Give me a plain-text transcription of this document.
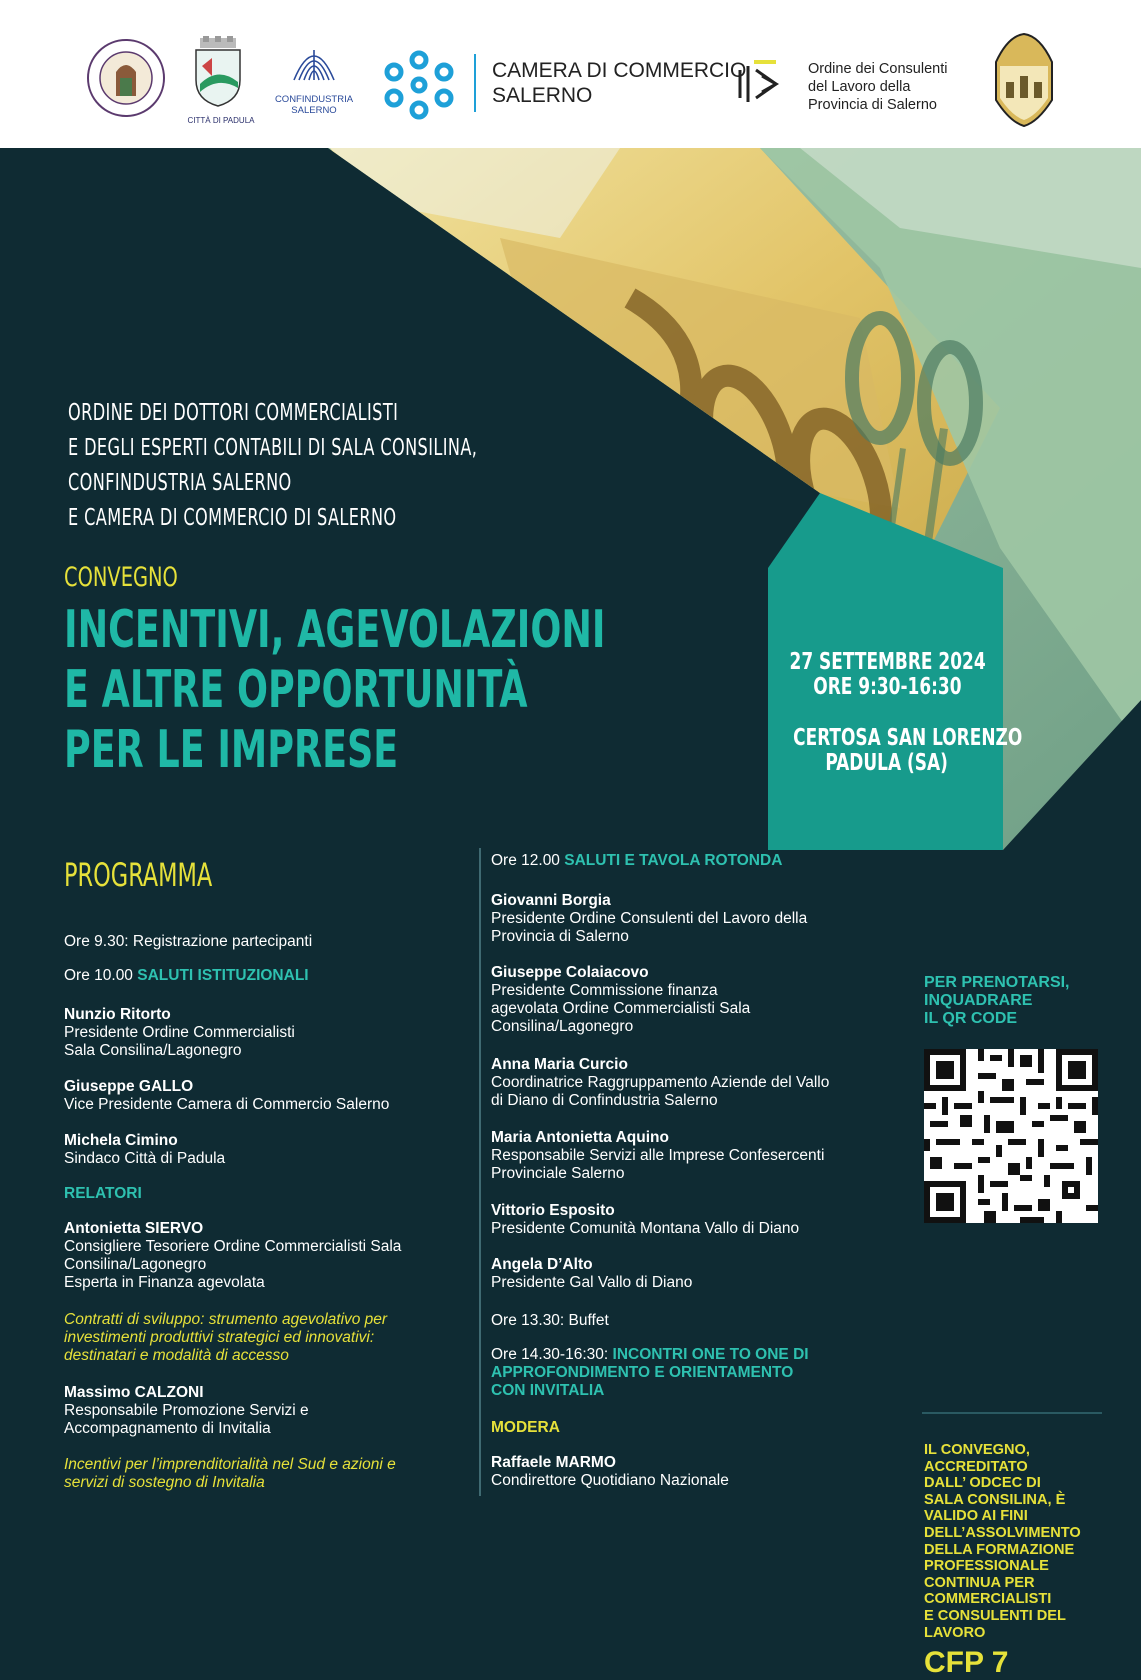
CITTÀ DI PADULA
CONFINDUSTRIA
SALERNO
CAMERA DI COMMERCIO
SALERNO
Ordine dei Consulenti
del Lavoro della
Provincia di Salerno
ORDINE DEI DOTTORI COMMERCIALISTI
E DEGLI ESPERTI CONTABILI DI SALA CONSILINA,
CONFINDUSTRIA SALERNO
E CAMERA DI COMMERCIO DI SALERNO
CONVEGNO
INCENTIVI, AGEVOLAZIONI
E ALTRE OPPORTUNITÀ
PER LE IMPRESE
27 SETTEMBRE 2024
ORE 9:30-16:30
CERTOSA SAN LORENZO
PADULA (SA)
PROGRAMMA

Ore 9.30: Registrazione partecipanti

Ore 10.00 SALUTI ISTITUZIONALI

Nunzio Ritorto

Presidente Ordine Commercialisti

Sala Consilina/Lagonegro

Giuseppe GALLO

Vice Presidente Camera di Commercio Salerno

Michela Cimino

Sindaco Città di Padula

RELATORI

Antonietta SIERVO

Consigliere Tesoriere Ordine Commercialisti Sala

Consilina/Lagonegro

Esperta in Finanza agevolata

Contratti di sviluppo: strumento agevolativo per

investimenti produttivi strategici ed innovativi:

destinatari e modalità di accesso

Massimo CALZONI

Responsabile Promozione Servizi e

Accompagnamento di Invitalia

Incentivi per l’imprenditorialità nel Sud e azioni e

servizi di sostegno di Invitalia

Ore 12.00 SALUTI E TAVOLA ROTONDA

Giovanni Borgia

Presidente Ordine Consulenti del Lavoro della

Provincia di Salerno

Giuseppe Colaiacovo

Presidente Commissione finanza

agevolata Ordine Commercialisti Sala

Consilina/Lagonegro

Anna Maria Curcio

Coordinatrice Raggruppamento Aziende del Vallo

di Diano di Confindustria Salerno

Maria Antonietta Aquino

Responsabile Servizi alle Imprese Confesercenti

Provinciale Salerno

Vittorio Esposito

Presidente Comunità Montana Vallo di Diano

Angela D’Alto

Presidente Gal Vallo di Diano

Ore 13.30: Buffet

Ore 14.30-16:30: INCONTRI ONE TO ONE DI

APPROFONDIMENTO E ORIENTAMENTO

CON INVITALIA

MODERA

Raffaele MARMO

Condirettore Quotidiano Nazionale

PER PRENOTARSI,
INQUADRARE
IL QR CODE
IL CONVEGNO,
ACCREDITATO
DALL’ ODCEC DI
SALA CONSILINA, È
VALIDO AI FINI
DELL’ASSOLVIMENTO
DELLA FORMAZIONE
PROFESSIONALE
CONTINUA PER
COMMERCIALISTI
E CONSULENTI DEL
LAVORO
CFP 7
